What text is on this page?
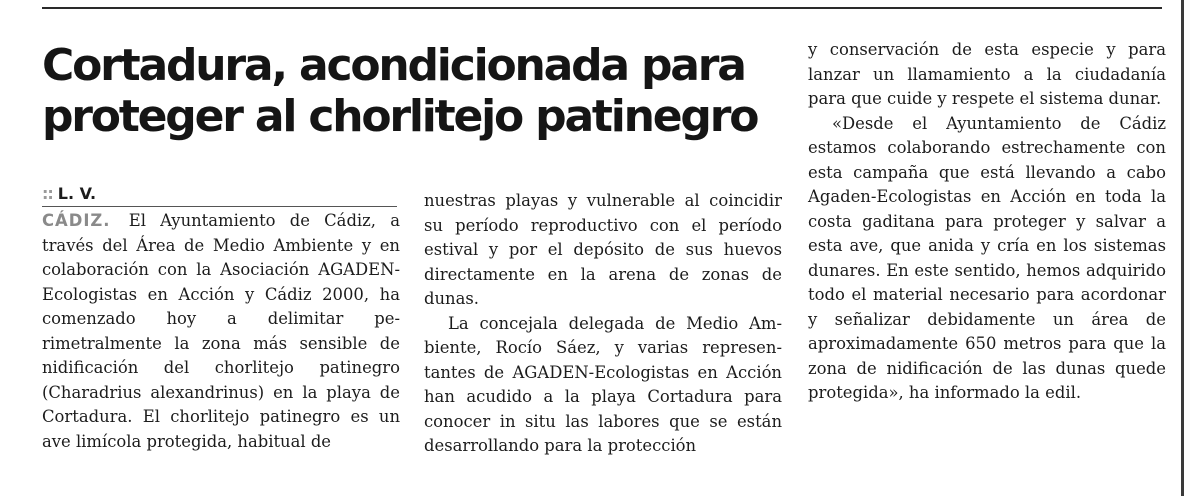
Cortadura, acondicionada para proteger al chorlitejo patinegro
:: L. V.

CÁDIZ. El Ayuntamiento de Cádiz, a través del Área de Medio Ambiente y en colaboración con la Asociación AGADEN-Ecologistas en Acción y Cádiz 2000, ha comenzado hoy a delimitar perimetralmente la zona más sensible de nidificación del chorlitejo patinegro (Charadrius alexandrinus) en la playa de Cortadura. El chorlitejo patinegro es un ave limícola protegida, habitual de

nuestras playas y vulnerable al coincidir su período reproductivo con el período estival y por el depósito de sus huevos directamente en la arena de zonas de dunas.

La concejala delegada de Medio Ambiente, Rocío Sáez, y varias representantes de AGADEN-Ecologistas en Acción han acudido a la playa Cortadura para conocer in situ las labores que se están desarrollando para la protección

y conservación de esta especie y para lanzar un llamamiento a la ciudadanía para que cuide y respete el sistema dunar.

«Desde el Ayuntamiento de Cádiz estamos colaborando estrechamente con esta campaña que está llevando a cabo Agaden-Ecologistas en Acción en toda la costa gaditana para proteger y salvar a esta ave, que anida y cría en los sistemas dunares. En este sentido, hemos adquirido todo el material necesario para acordonar y señalizar debidamente un área de aproximadamente 650 metros para que la zona de nidificación de las dunas quede protegida», ha informado la edil.
